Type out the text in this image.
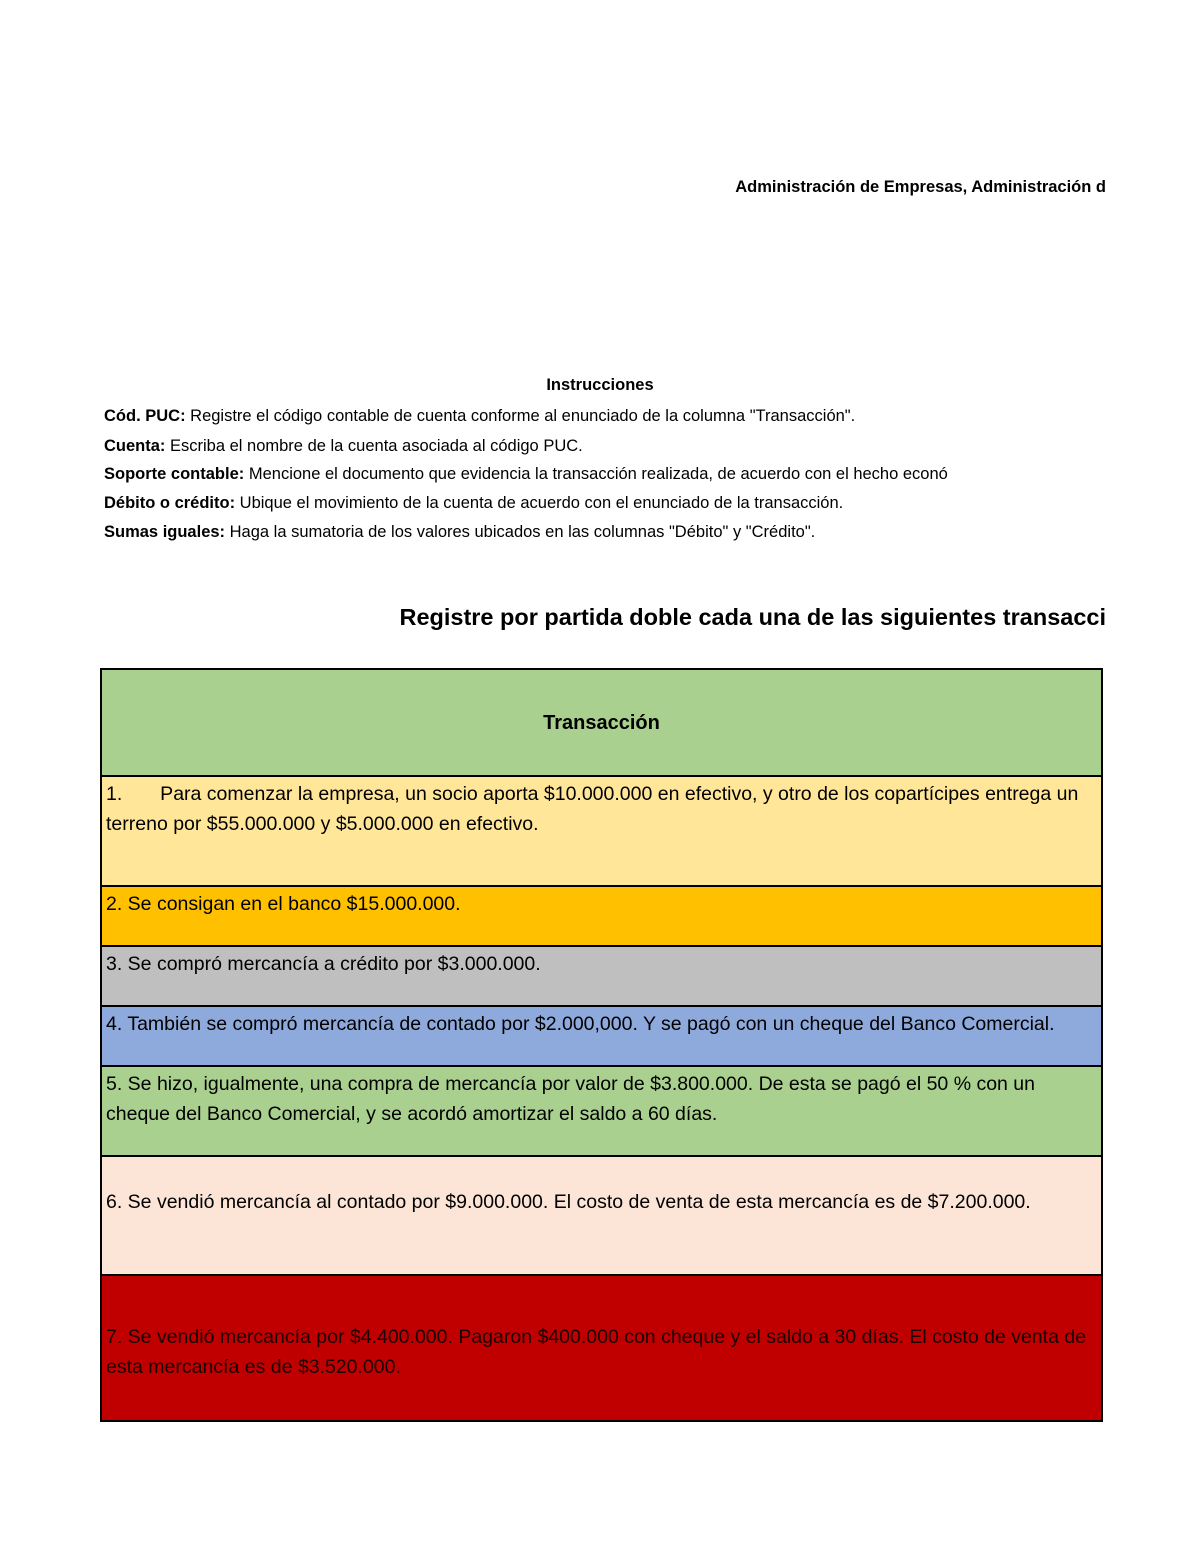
Administración de Empresas, Administración d
Instrucciones
Cód. PUC: Registre el código contable de cuenta conforme al enunciado de la columna "Transacción".
Cuenta: Escriba el nombre de la cuenta asociada al código PUC.
Soporte contable: Mencione el documento que evidencia la transacción realizada, de acuerdo con el hecho econó
Débito o crédito: Ubique el movimiento de la cuenta de acuerdo con el enunciado de la transacción.
Sumas iguales: Haga la sumatoria de los valores ubicados en las columnas "Débito" y "Crédito".
Registre por partida doble cada una de las siguientes transacci
Transacción
1.       Para comenzar la empresa, un socio aporta $10.000.000 en efectivo, y otro de los copartícipes entrega un terreno por $55.000.000 y $5.000.000 en efectivo.
2. Se consigan en el banco $15.000.000.
3. Se compró mercancía a crédito por $3.000.000.
4. También se compró mercancía de contado por $2.000,000. Y se pagó con un cheque del Banco Comercial.
5. Se hizo, igualmente, una compra de mercancía por valor de $3.800.000. De esta se pagó el 50 % con un cheque del Banco Comercial, y se acordó amortizar el saldo a 60 días.
6. Se vendió mercancía al contado por $9.000.000. El costo de venta de esta mercancía es de $7.200.000.
7. Se vendió mercancía por $4.400.000. Pagaron $400.000 con cheque y el saldo a 30 días. El costo de venta de esta mercancía es de $3.520.000.
